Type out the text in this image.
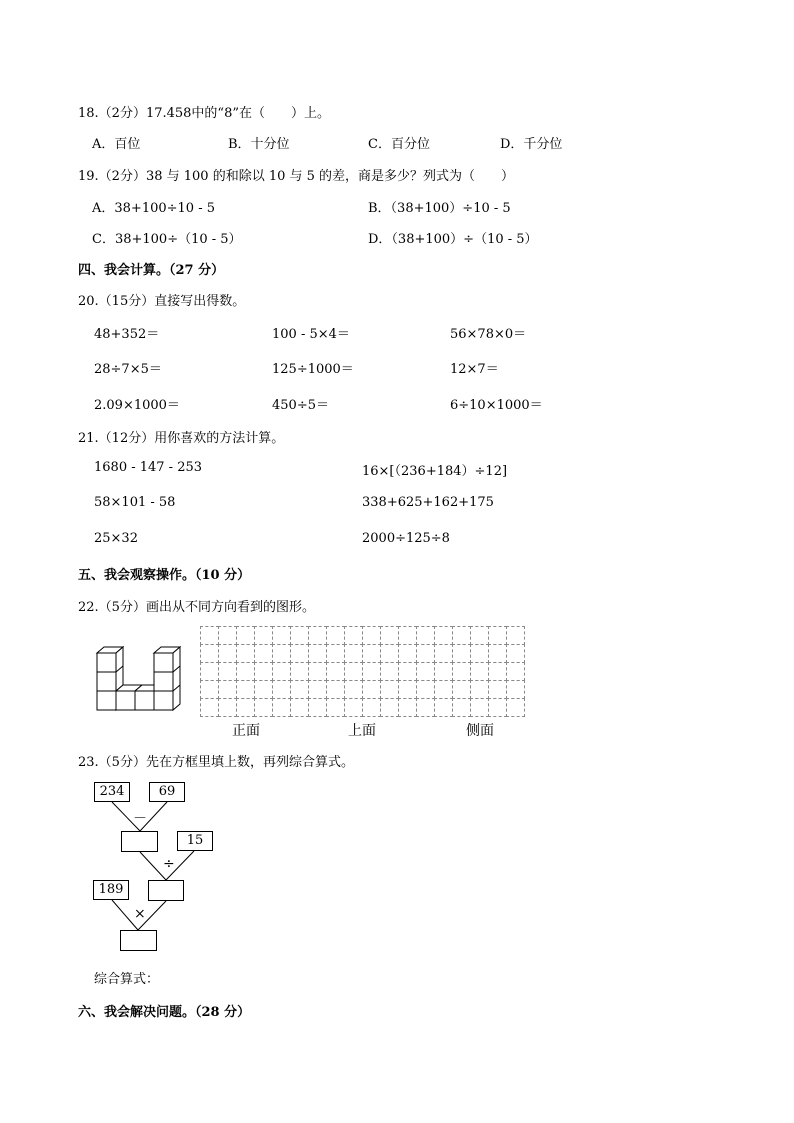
18.（2分）17.458中的“8”在（　　）上。
A．百位	B．十分位	C．百分位	D．千分位
19.（2分）38 与 100 的和除以 10 与 5 的差，商是多少？列式为（　　）
A．38+100÷10 - 5	B．（38+100）÷10 - 5
C．38+100÷（10 - 5）	D．（38+100）÷（10 - 5）
四、我会计算。（27 分）
20.（15分）直接写出得数。
48+352＝	100 - 5×4＝	56×78×0＝
28÷7×5＝	125÷1000＝	12×7＝
2.09×1000＝	450÷5＝	6÷10×1000＝
21.（12分）用你喜欢的方法计算。
1680 - 147 - 253	16×[（236+184）÷12]
58×101 - 58	338+625+162+175
25×32	2000÷125÷8
五、我会观察操作。（10 分）
22.（5分）画出从不同方向看到的图形。
正面	上面	侧面
23.（5分）先在方框里填上数，再列综合算式。
234	69
－
15
÷
189
×
综合算式：
六、我会解决问题。（28 分）
